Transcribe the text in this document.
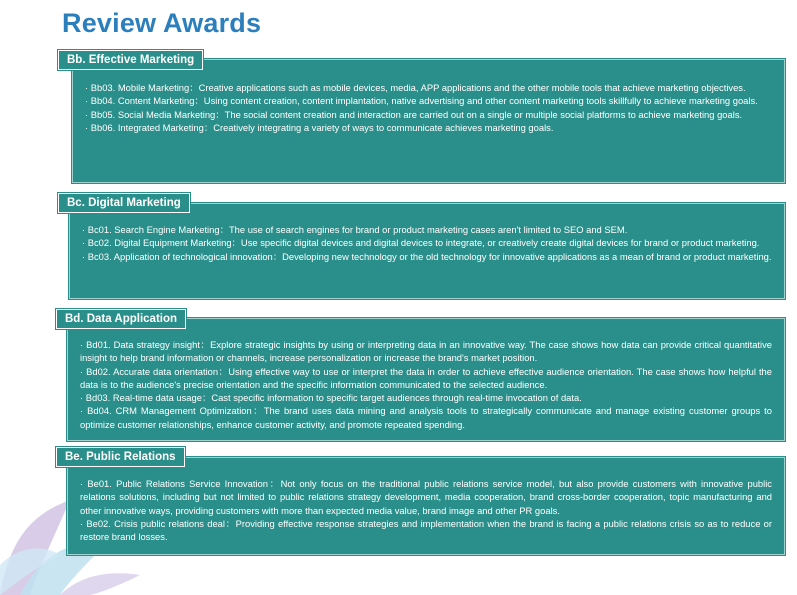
Review Awards

· Bb03. Mobile Marketing：Creative applications such as mobile devices, media, APP applications and the other mobile tools that achieve marketing objectives.

· Bb04. Content Marketing：Using content creation, content implantation, native advertising and other content marketing tools skillfully to achieve marketing goals.

· Bb05. Social Media Marketing：The social content creation and interaction are carried out on a single or multiple social platforms to achieve marketing goals.

· Bb06. Integrated Marketing：Creatively integrating a variety of ways to communicate achieves marketing goals.

Bb. Effective Marketing

· Bc01. Search Engine Marketing：The use of search engines for brand or product marketing cases aren't limited to SEO and SEM.

· Bc02. Digital Equipment Marketing：Use specific digital devices and digital devices to integrate, or creatively create digital devices for brand or product marketing.

· Bc03. Application of technological innovation：Developing new technology or the old technology for innovative applications as a mean of brand or product marketing.

Bc. Digital Marketing

· Bd01. Data strategy insight：Explore strategic insights by using or interpreting data in an innovative way. The case shows how data can provide critical quantitative insight to help brand information or channels, increase personalization or increase the brand's market position.

· Bd02. Accurate data orientation：Using effective way to use or interpret the data in order to achieve effective audience orientation. The case shows how helpful the data is to the audience's precise orientation and the specific information communicated to the selected audience.

· Bd03. Real-time data usage：Cast specific information to specific target audiences through real-time invocation of data.

· Bd04. CRM Management Optimization：The brand uses data mining and analysis tools to strategically communicate and manage existing customer groups to optimize customer relationships, enhance customer activity, and promote repeated spending.

Bd. Data Application

· Be01. Public Relations Service Innovation：Not only focus on the traditional public relations service model, but also provide customers with innovative public relations solutions, including but not limited to public relations strategy development, media cooperation, brand cross-border cooperation, topic manufacturing and other innovative ways, providing customers with more than expected media value, brand image and other PR goals.

· Be02. Crisis public relations deal：Providing effective response strategies and implementation when the brand is facing a public relations crisis so as to reduce or restore brand losses.

Be. Public Relations
